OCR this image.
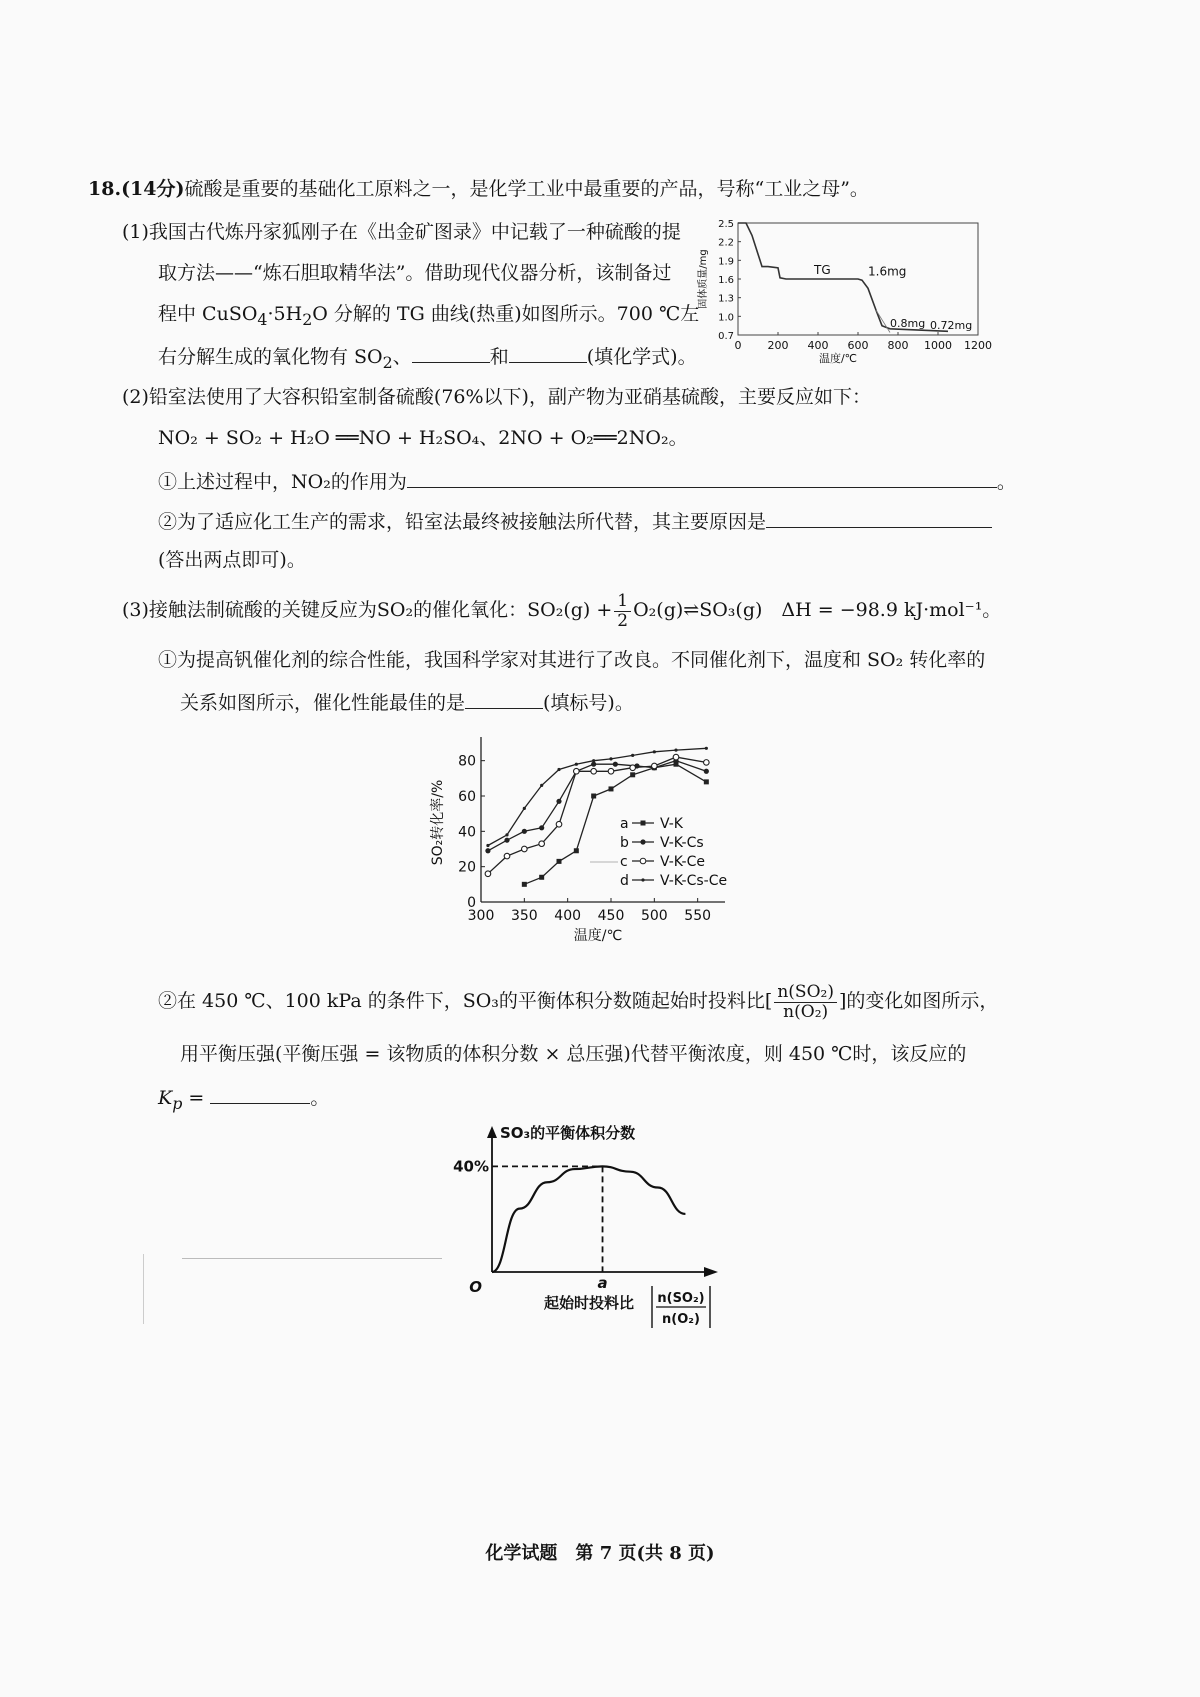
18.(14分)硫酸是重要的基础化工原料之一，是化学工业中最重要的产品，号称“工业之母”。
(1)我国古代炼丹家狐刚子在《出金矿图录》中记载了一种硫酸的提
取方法——“炼石胆取精华法”。借助现代仪器分析，该制备过
程中 $CuSO_4\cdot 5H_2O$ 分解的 TG 曲线(热重)如图所示。700 ℃左
右分解生成的氧化物有 $SO_2$、	和	(填化学式)。
0 200 400 600 800 1000 1200
0.7
1.0
1.3
1.6
1.9
2.2
2.5
温度/℃
固体质量/mg	TG	1.6mg
0.8mg 0.72mg
(2)铅室法使用了大容积铅室制备硫酸(76%以下)，副产物为亚硝基硫酸，主要反应如下：
NO₂ + SO₂ + H₂O ══NO + H₂SO₄、2NO + O₂══2NO₂。
①上述过程中，NO₂的作用为	。
②为了适应化工生产的需求，铅室法最终被接触法所代替，其主要原因是
(答出两点即可)。
(3)接触法制硫酸的关键反应为SO₂的催化氧化：$SO_2(g) + \frac{1}{2}$ O₂(g)⇌SO₃(g)　ΔH = −98.9 kJ·mol⁻¹。
①为提高钒催化剂的综合性能，我国科学家对其进行了改良。不同催化剂下，温度和 SO₂ 转化率的
关系如图所示，催化性能最佳的是	(填标号)。
300 350 400 450 500 550
0
20
40
60
80
温度/℃
SO₂转化率/%	a V-K
b V-K-Cs
c V-K-Ce
d V-K-Cs-Ce
②在 450 ℃、100 kPa 的条件下，SO₃的平衡体积分数随起始时投料比[ $\frac{\text{n(SO₂)}}{\text{n(O₂)}}$ ]的变化如图所示，
用平衡压强(平衡压强 = 该物质的体积分数 × 总压强)代替平衡浓度，则 450 ℃时，该反应的
$K_p$ =	。
SO₃的平衡体积分数
O
40%
a
起始时投料比 n(SO₂)
n(O₂)
化学试题　第 7 页(共 8 页)
